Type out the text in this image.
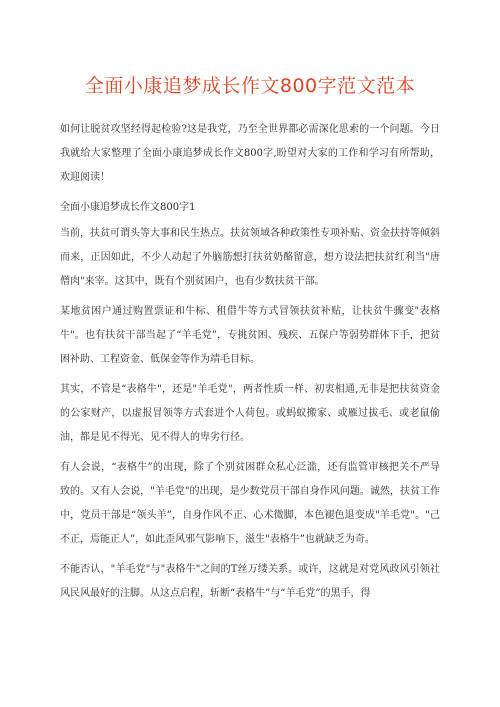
全面小康追梦成长作文800字范文范本

如何让脱贫攻坚经得起检验?这是我党，乃至全世界都必需深化思索的一个问题。今日我就给大家整理了全面小康追梦成长作文800字,盼望对大家的工作和学习有所帮助，欢迎阅读！

全面小康追梦成长作文800字1

当前，扶贫可谓头等大事和民生热点。扶贫领域各种政策性专项补贴、资金扶持等倾斜而来，正因如此，不少人动起了外脑筋想打扶贫奶酪留意，想方设法把扶贫红利当"唐僧肉"来宰。这其中，既有个别贫困户，也有少数扶贫干部。

某地贫困户通过购置票证和牛标、租借牛等方式冒领扶贫补贴，让扶贫牛骤变"表格牛"。也有扶贫干部当起了“羊毛党”，专挑贫困、残疾、五保户等弱势群体下手，把贫困补助、工程资金、低保金等作为靖毛目标。

其实，不管是“表格牛"，还是"羊毛党"，两者性质一样、初衷相通,无非是把扶贫资金的公家财产，以虚报冒领等方式套进个人荷包。或蚂蚁搬家、或雁过拔毛、或老鼠偷油，都是见不得光、见不得人的卑劣行径。

有人会说，“表格牛”的出现，除了个别贫困群众私心泛滥，还有监管审核把关不严导致的。又有人会说，"羊毛党"的出现，是少数党员干部自身作风问题。诚然，扶贫工作中，党员干部是“领头羊”，自身作风不正、心术微脚，本色褪色退变成"羊毛党"。"己不正，焉能正人”，如此歪风邪气影响下，滋生"表格牛”也就缺乏为奇。

不能否认，"羊毛党"与"表格牛"之间的T丝万缕关系。或许，这就是对党风政风引领社风民风最好的注脚。从这点启程，斩断“表格牛”与“羊毛党”的黑手，得
